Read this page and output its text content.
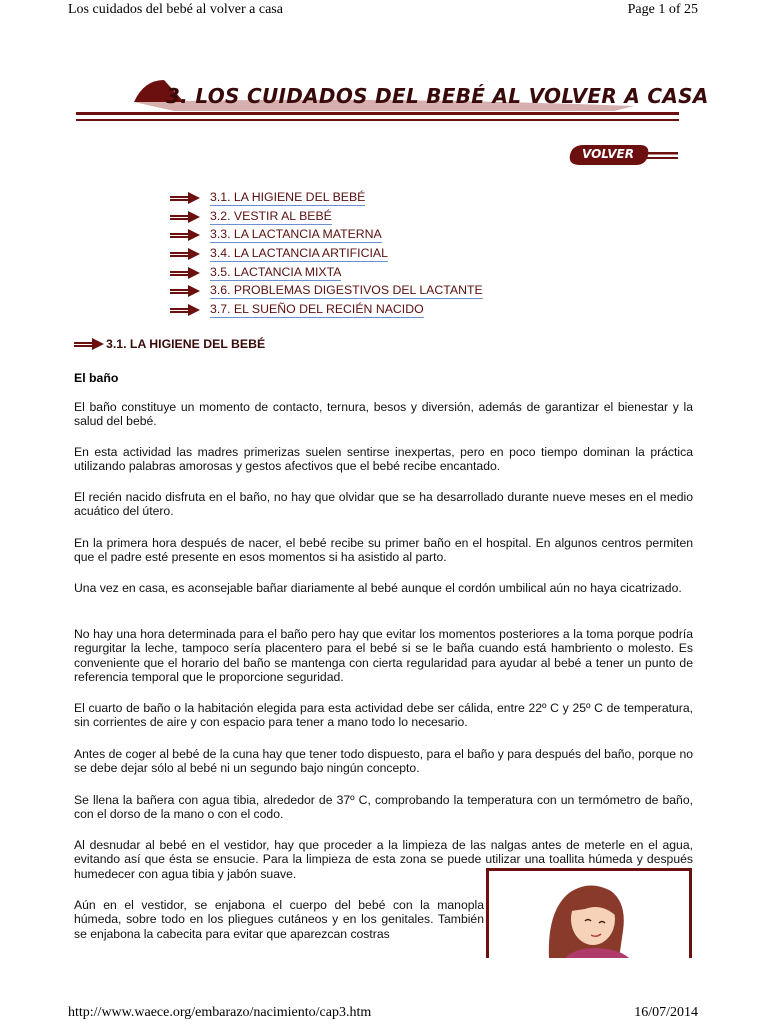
Los cuidados del bebé al volver a casa	Page 1 of 25
3. LOS CUIDADOS DEL BEBÉ AL VOLVER A CASA
VOLVER
3.1. LA HIGIENE DEL BEBÉ
3.2. VESTIR AL BEBÉ
3.3. LA LACTANCIA MATERNA
3.4. LA LACTANCIA ARTIFICIAL
3.5. LACTANCIA MIXTA
3.6. PROBLEMAS DIGESTIVOS DEL LACTANTE
3.7. EL SUEÑO DEL RECIÉN NACIDO
3.1. LA HIGIENE DEL BEBÉ
El baño

El baño constituye un momento de contacto, ternura, besos y diversión, además de garantizar el bienestar y la salud del bebé.

En esta actividad las madres primerizas suelen sentirse inexpertas, pero en poco tiempo dominan la práctica utilizando palabras amorosas y gestos afectivos que el bebé recibe encantado.

El recién nacido disfruta en el baño, no hay que olvidar que se ha desarrollado durante nueve meses en el medio acuático del útero.

En la primera hora después de nacer, el bebé recibe su primer baño en el hospital. En algunos centros permiten que el padre esté presente en esos momentos si ha asistido al parto.

Una vez en casa, es aconsejable bañar diariamente al bebé aunque el cordón umbilical aún no haya cicatrizado.

No hay una hora determinada para el baño pero hay que evitar los momentos posteriores a la toma porque podría regurgitar la leche, tampoco sería placentero para el bebé si se le baña cuando está hambriento o molesto. Es conveniente que el horario del baño se mantenga con cierta regularidad para ayudar al bebé a tener un punto de referencia temporal que le proporcione seguridad.

El cuarto de baño o la habitación elegida para esta actividad debe ser cálida, entre 22º C y 25º C de temperatura, sin corrientes de aire y con espacio para tener a mano todo lo necesario.

Antes de coger al bebé de la cuna hay que tener todo dispuesto, para el baño y para después del baño, porque no se debe dejar sólo al bebé ni un segundo bajo ningún concepto.

Se llena la bañera con agua tibia, alrededor de 37º C, comprobando la temperatura con un termómetro de baño, con el dorso de la mano o con el codo.

Al desnudar al bebé en el vestidor, hay que proceder a la limpieza de las nalgas antes de meterle en el agua, evitando así que ésta se ensucie. Para la limpieza de esta zona se puede utilizar una toallita húmeda y después humedecer con agua tibia y jabón suave.

Aún en el vestidor, se enjabona el cuerpo del bebé con la manopla húmeda, sobre todo en los pliegues cutáneos y en los genitales. También se enjabona la cabecita para evitar que aparezcan costras

http://www.waece.org/embarazo/nacimiento/cap3.htm	16/07/2014
